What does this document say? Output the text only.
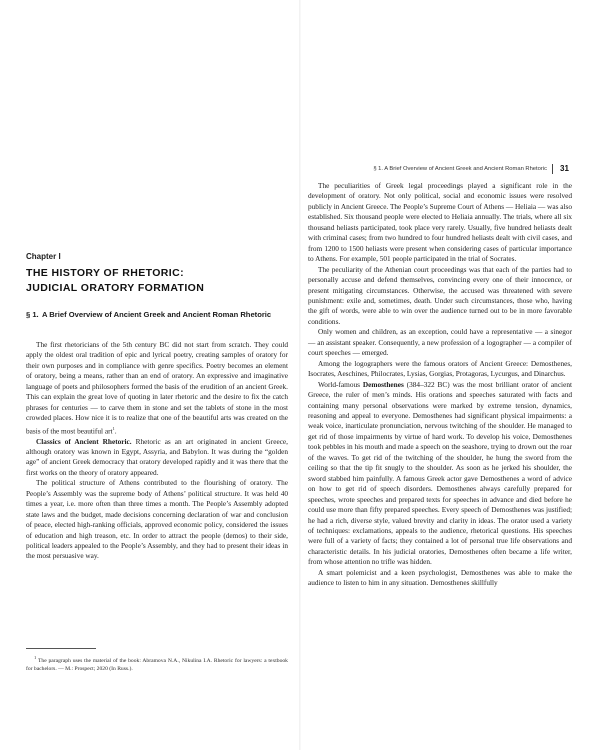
Chapter I
THE HISTORY OF RHETORIC:
JUDICIAL ORATORY FORMATION
§ 1. A Brief Overview of Ancient Greek and Ancient Roman Rhetoric

The first rhetoricians of the 5th century BC did not start from scratch. They could apply the oldest oral tradition of epic and lyrical poetry, creating samples of oratory for their own purposes and in compliance with genre specifics. Poetry becomes an element of oratory, being a means, rather than an end of oratory. An expressive and imaginative language of poets and philosophers formed the basis of the erudition of an ancient Greek. This can explain the great love of quoting in later rhetoric and the desire to fix the catch phrases for centuries — to carve them in stone and set the tablets of stone in the most crowded places. How nice it is to realize that one of the beautiful arts was created on the basis of the most beautiful art$^1$.

Classics of Ancient Rhetoric. Rhetoric as an art originated in ancient Greece, although oratory was known in Egypt, Assyria, and Babylon. It was during the “golden age” of ancient Greek democracy that oratory developed rapidly and it was there that the first works on the theory of oratory appeared.

The political structure of Athens contributed to the flourishing of oratory. The People’s Assembly was the supreme body of Athens’ political structure. It was held 40 times a year, i.e. more often than three times a month. The People’s Assembly adopted state laws and the budget, made decisions concerning declaration of war and conclusion of peace, elected high-ranking officials, approved economic policy, considered the issues of education and high treason, etc. In order to attract the people (demos) to their side, political leaders appealed to the People’s Assembly, and they had to present their ideas in the most persuasive way.

$^1$ The paragraph uses the material of the book: Abramova N.A., Nikulina I.A. Rhetoric for lawyers: a textbook for bachelors. — M.: Prospect; 2020 (In Russ.).

§ 1. A Brief Overview of Ancient Greek and Ancient Roman Rhetoric 31

The peculiarities of Greek legal proceedings played a significant role in the development of oratory. Not only political, social and economic issues were resolved publicly in Ancient Greece. The People’s Supreme Court of Athens — Heliaia — was also established. Six thousand people were elected to Heliaia annually. The trials, where all six thousand heliasts participated, took place very rarely. Usually, five hundred heliasts dealt with criminal cases; from two hundred to four hundred heliasts dealt with civil cases, and from 1200 to 1500 heliasts were present when considering cases of particular importance to Athens. For example, 501 people participated in the trial of Socrates.

The peculiarity of the Athenian court proceedings was that each of the parties had to personally accuse and defend themselves, convincing every one of their innocence, or present mitigating circumstances. Otherwise, the accused was threatened with severe punishment: exile and, sometimes, death. Under such circumstances, those who, having the gift of words, were able to win over the audience turned out to be in more favorable conditions.

Only women and children, as an exception, could have a representative — a sinegor — an assistant speaker. Consequently, a new profession of a logographer — a compiler of court speeches — emerged.

Among the logographers were the famous orators of Ancient Greece: Demosthenes, Isocrates, Aeschines, Philocrates, Lysias, Gorgias, Protagoras, Lycurgus, and Dinarchus.

World-famous Demosthenes (384–322 BC) was the most brilliant orator of ancient Greece, the ruler of men’s minds. His orations and speeches saturated with facts and containing many personal observations were marked by extreme tension, dynamics, reasoning and appeal to everyone. Demosthenes had significant physical impairments: a weak voice, inarticulate pronunciation, nervous twitching of the shoulder. He managed to get rid of those impairments by virtue of hard work. To develop his voice, Demosthenes took pebbles in his mouth and made a speech on the seashore, trying to drown out the roar of the waves. To get rid of the twitching of the shoulder, he hung the sword from the ceiling so that the tip fit snugly to the shoulder. As soon as he jerked his shoulder, the sword stabbed him painfully. A famous Greek actor gave Demosthenes a word of advice on how to get rid of speech disorders. Demosthenes always carefully prepared for speeches, wrote speeches and prepared texts for speeches in advance and died before he could use more than fifty prepared speeches. Every speech of Demosthenes was justified; he had a rich, diverse style, valued brevity and clarity in ideas. The orator used a variety of techniques: exclamations, appeals to the audience, rhetorical questions. His speeches were full of a variety of facts; they contained a lot of personal true life observations and characteristic details. In his judicial oratories, Demosthenes often became a life writer, from whose attention no trifle was hidden.

A smart polemicist and a keen psychologist, Demosthenes was able to make the audience to listen to him in any situation. Demosthenes skillfully
